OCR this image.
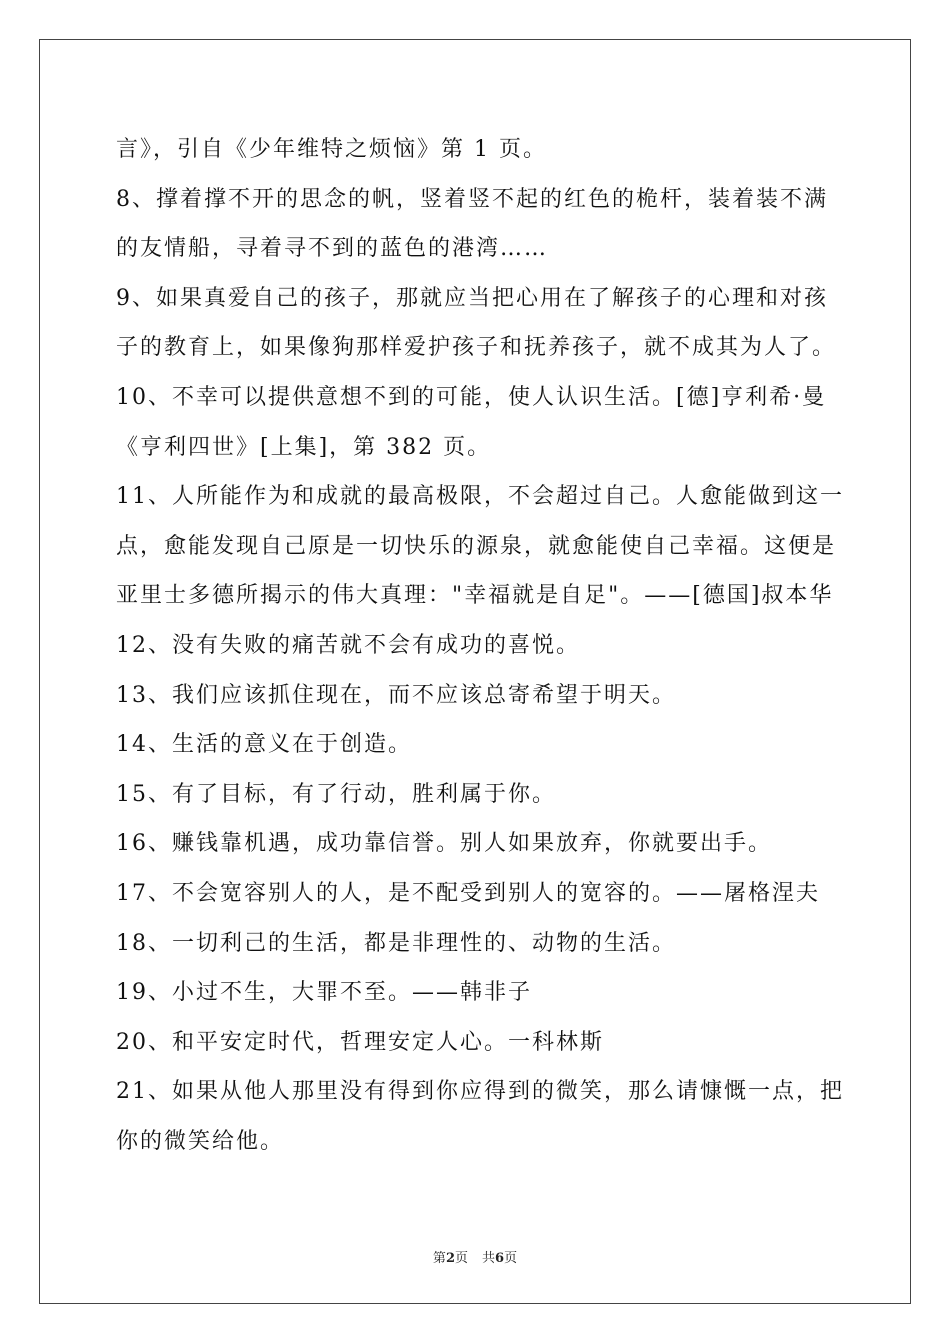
言》，引自《少年维特之烦恼》第 1 页。
8、撑着撑不开的思念的帆，竖着竖不起的红色的桅杆，装着装不满
的友情船，寻着寻不到的蓝色的港湾……
9、如果真爱自己的孩子，那就应当把心用在了解孩子的心理和对孩
子的教育上，如果像狗那样爱护孩子和抚养孩子，就不成其为人了。
10、不幸可以提供意想不到的可能，使人认识生活。[德]亨利希·曼
《亨利四世》[上集]，第 382 页。
11、人所能作为和成就的最高极限，不会超过自己。人愈能做到这一
点，愈能发现自己原是一切快乐的源泉，就愈能使自己幸福。这便是
亚里士多德所揭示的伟大真理："幸福就是自足"。——[德国]叔本华
12、没有失败的痛苦就不会有成功的喜悦。
13、我们应该抓住现在，而不应该总寄希望于明天。
14、生活的意义在于创造。
15、有了目标，有了行动，胜利属于你。
16、赚钱靠机遇，成功靠信誉。别人如果放弃，你就要出手。
17、不会宽容别人的人，是不配受到别人的宽容的。——屠格涅夫
18、一切利己的生活，都是非理性的、动物的生活。
19、小过不生，大罪不至。——韩非子
20、和平安定时代，哲理安定人心。一科林斯
21、如果从他人那里没有得到你应得到的微笑，那么请慷慨一点，把
你的微笑给他。
第2页 共6页
